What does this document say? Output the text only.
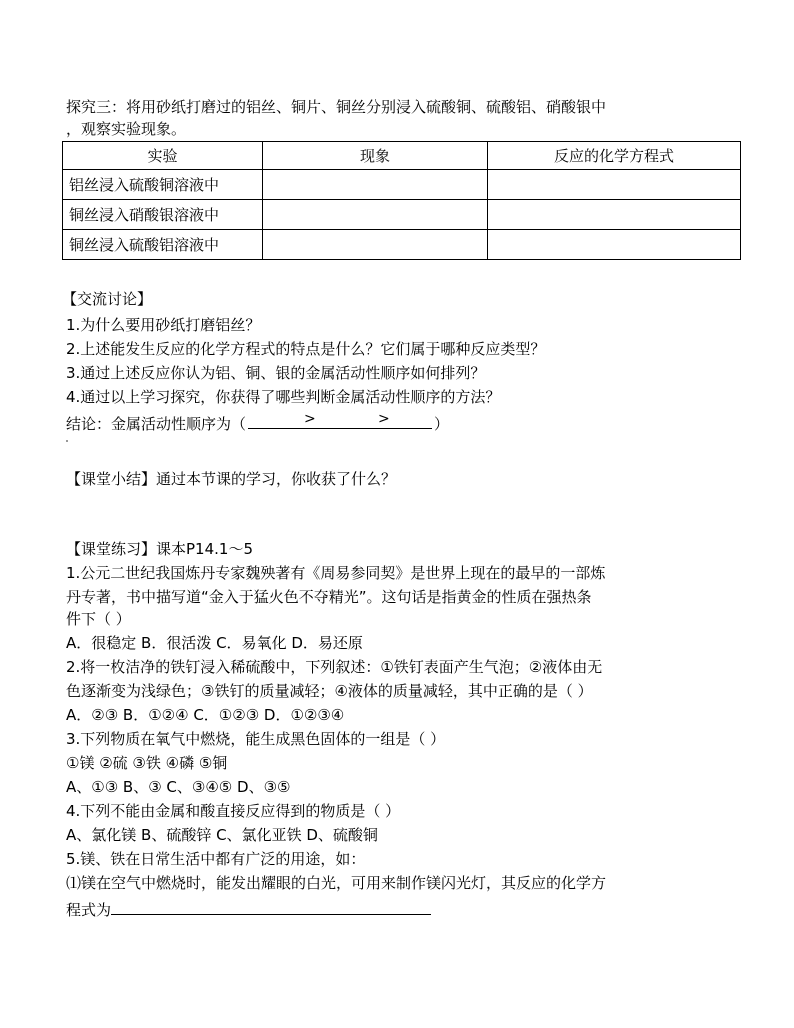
探究三：将用砂纸打磨过的铝丝、铜片、铜丝分别浸入硫酸铜、硫酸铝、硝酸银中
，观察实验现象。
实验	现象	反应的化学方程式
铝丝浸入硫酸铜溶液中		
铜丝浸入硝酸银溶液中		
铜丝浸入硫酸铝溶液中		
【交流讨论】
1.为什么要用砂纸打磨铝丝？
2.上述能发生反应的化学方程式的特点是什么？它们属于哪种反应类型？
3.通过上述反应你认为铝、铜、银的金属活动性顺序如何排列？
4.通过以上学习探究，你获得了哪些判断金属活动性顺序的方法？
结论：金属活动性顺序为（	>	>	）
【课堂小结】通过本节课的学习，你收获了什么？
【课堂练习】课本P14.1～5
1.公元二世纪我国炼丹专家魏殃著有《周易参同契》是世界上现在的最早的一部炼
丹专著，书中描写道“金入于猛火色不夺精光”。这句话是指黄金的性质在强热条
件下（ ）
A．很稳定 B．很活泼 C．易氧化 D．易还原
2.将一枚洁净的铁钉浸入稀硫酸中，下列叙述：①铁钉表面产生气泡；②液体由无
色逐渐变为浅绿色；③铁钉的质量减轻；④液体的质量减轻，其中正确的是（ ）
A．②③ B．①②④ C．①②③ D．①②③④
3.下列物质在氧气中燃烧，能生成黑色固体的一组是（ ）
①镁 ②硫 ③铁 ④磷 ⑤铜
A、①③ B、③ C、③④⑤ D、③⑤
4.下列不能由金属和酸直接反应得到的物质是（ ）
A、氯化镁 B、硫酸锌 C、氯化亚铁 D、硫酸铜
5.镁、铁在日常生活中都有广泛的用途，如：
⑴镁在空气中燃烧时，能发出耀眼的白光，可用来制作镁闪光灯，其反应的化学方
程式为
